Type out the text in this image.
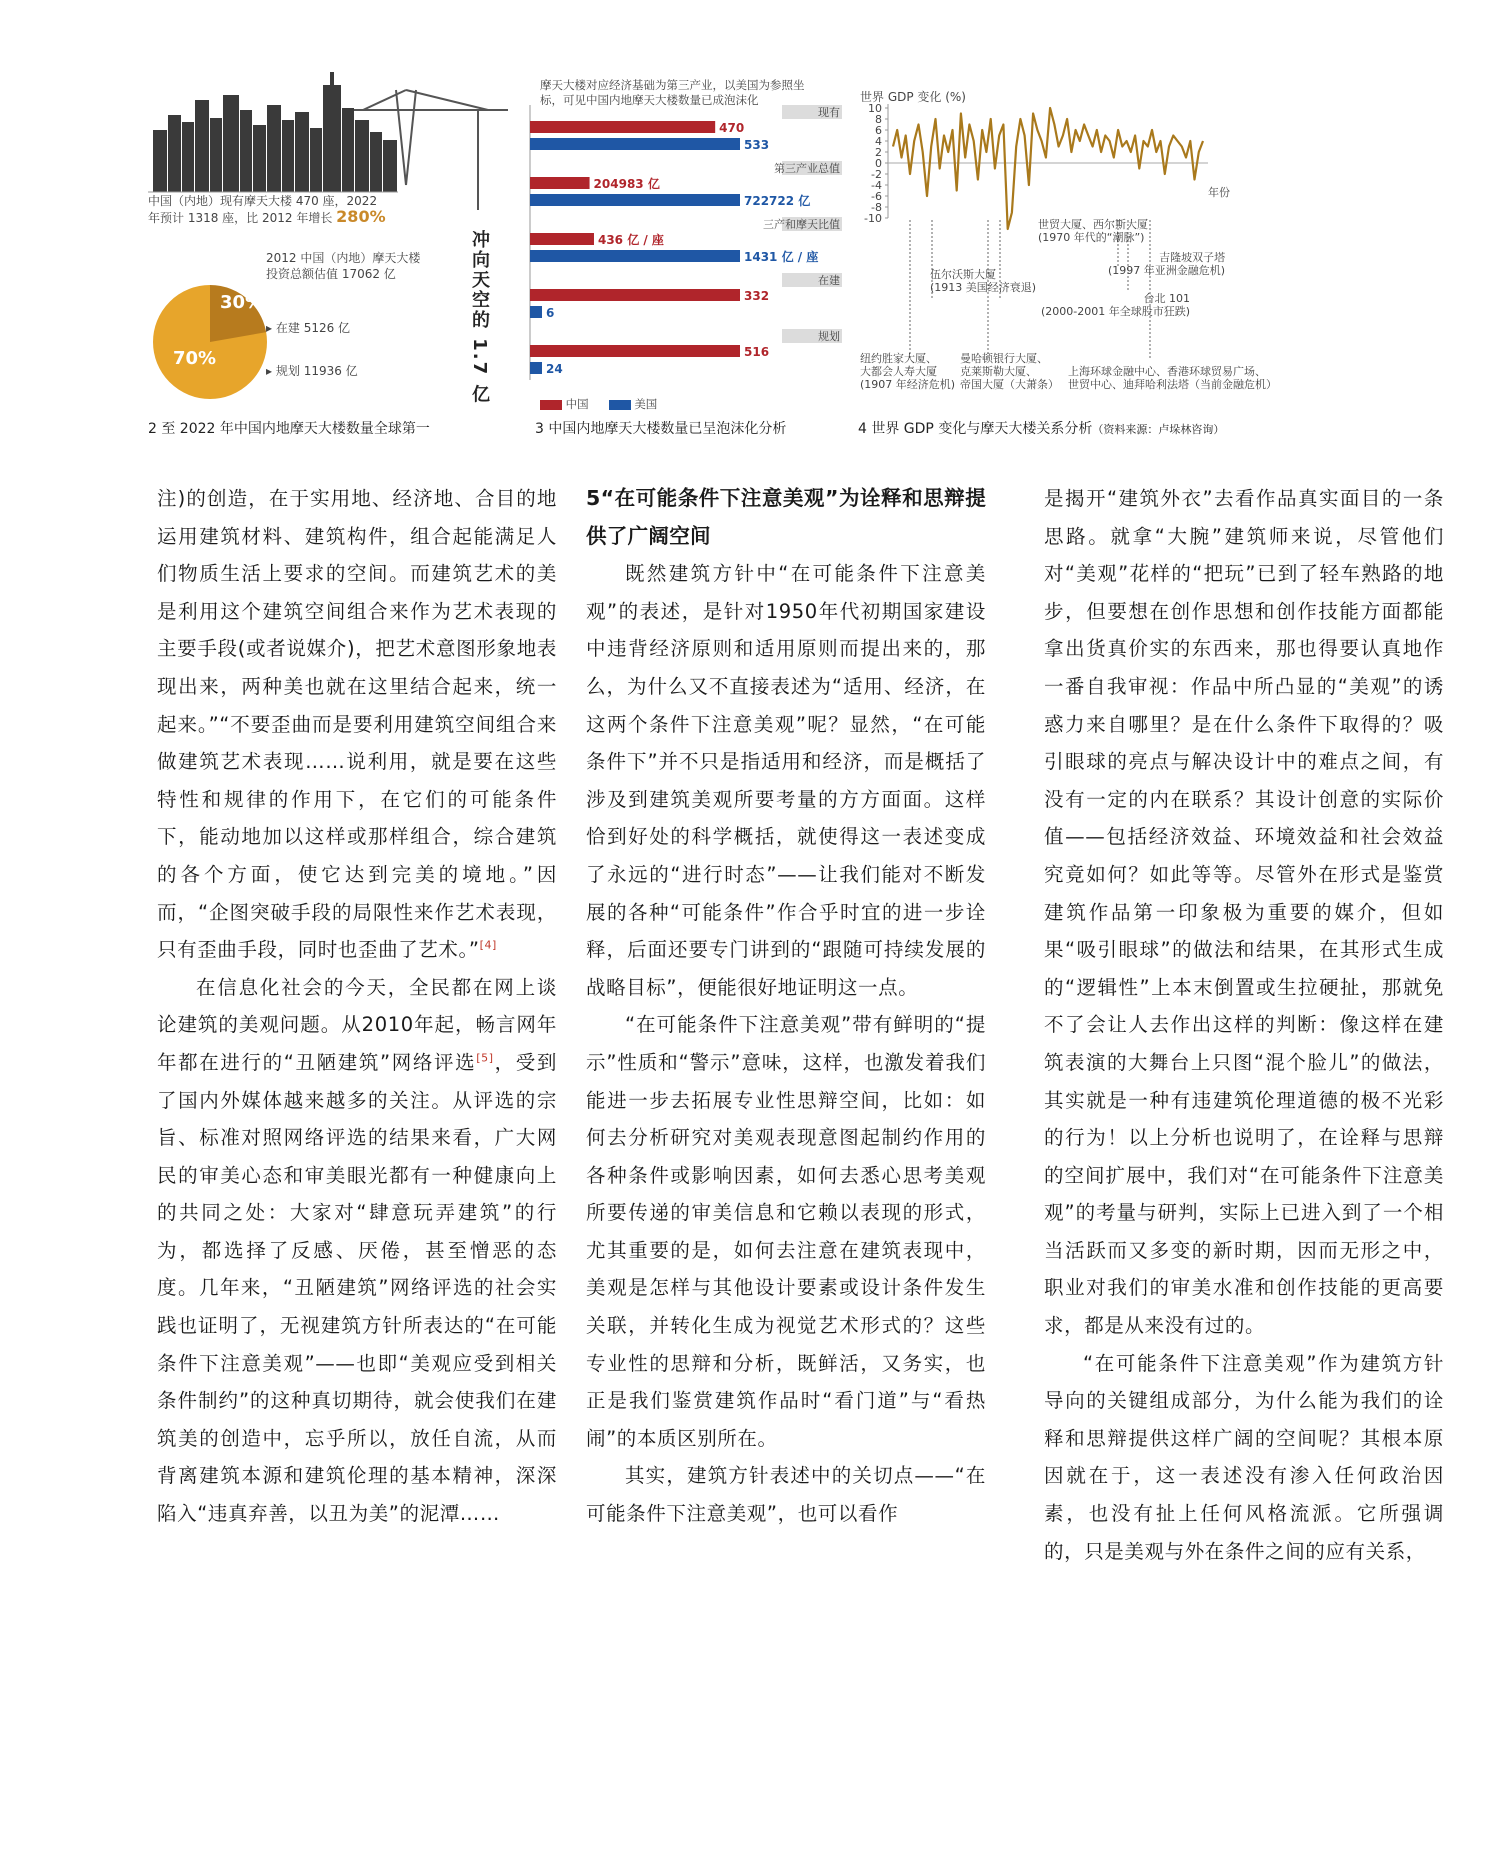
中国（内地）现有摩天大楼 470 座，2022
年预计 1318 座，比 2012 年增长 280%
2012 中国（内地）摩天大楼
投资总额估值 17062 亿	冲向天空的 1.7 亿
30%
70%
▸ 在建 5126 亿
▸ 规划 11936 亿
2 至 2022 年中国内地摩天大楼数量全球第一
摩天大楼对应经济基础为第三产业，以美国为参照坐
标，可见中国内地摩天大楼数量已成泡沫化
现有
470
533
第三产业总值
204983 亿
722722 亿
三产和摩天比值
436 亿 / 座
1431 亿 / 座
在建
332
6
规划
516
24
中国	美国
3 中国内地摩天大楼数量已呈泡沫化分析
10
8
6
4
2
0
-2
-4
-6
-8
-10
世界 GDP 变化 (%)
年份
世贸大厦、西尔斯大厦
(1970 年代的“潮脉”)
吉隆坡双子塔
(1997 年亚洲金融危机)
伍尔沃斯大厦
(1913 美国经济衰退)
台北 101
(2000-2001 年全球股市狂跌)
纽约胜家大厦、
大都会人寿大厦
(1907 年经济危机)
曼哈顿银行大厦、
克莱斯勒大厦、
帝国大厦（大萧条）
上海环球金融中心、香港环球贸易广场、
世贸中心、迪拜哈利法塔（当前金融危机）
4 世界 GDP 变化与摩天大楼关系分析（资料来源：卢垛林咨询）

注)的创造，在于实用地、经济地、合目的地运用建筑材料、建筑构件，组合起能满足人们物质生活上要求的空间。而建筑艺术的美是利用这个建筑空间组合来作为艺术表现的主要手段(或者说媒介)，把艺术意图形象地表现出来，两种美也就在这里结合起来，统一起来。”“不要歪曲而是要利用建筑空间组合来做建筑艺术表现……说利用，就是要在这些特性和规律的作用下，在它们的可能条件下，能动地加以这样或那样组合，综合建筑的各个方面，使它达到完美的境地。”因而，“企图突破手段的局限性来作艺术表现，只有歪曲手段，同时也歪曲了艺术。”[4]

在信息化社会的今天，全民都在网上谈论建筑的美观问题。从2010年起，畅言网年年都在进行的“丑陋建筑”网络评选[5]，受到了国内外媒体越来越多的关注。从评选的宗旨、标准对照网络评选的结果来看，广大网民的审美心态和审美眼光都有一种健康向上的共同之处：大家对“肆意玩弄建筑”的行为，都选择了反感、厌倦，甚至憎恶的态度。几年来，“丑陋建筑”网络评选的社会实践也证明了，无视建筑方针所表达的“在可能条件下注意美观”——也即“美观应受到相关条件制约”的这种真切期待，就会使我们在建筑美的创造中，忘乎所以，放任自流，从而背离建筑本源和建筑伦理的基本精神，深深陷入“违真弃善，以丑为美”的泥潭……

5“在可能条件下注意美观”为诠释和思辩提供了广阔空间

既然建筑方针中“在可能条件下注意美观”的表述，是针对1950年代初期国家建设中违背经济原则和适用原则而提出来的，那么，为什么又不直接表述为“适用、经济，在这两个条件下注意美观”呢？显然，“在可能条件下”并不只是指适用和经济，而是概括了涉及到建筑美观所要考量的方方面面。这样恰到好处的科学概括，就使得这一表述变成了永远的“进行时态”——让我们能对不断发展的各种“可能条件”作合乎时宜的进一步诠释，后面还要专门讲到的“跟随可持续发展的战略目标”，便能很好地证明这一点。

“在可能条件下注意美观”带有鲜明的“提示”性质和“警示”意味，这样，也激发着我们能进一步去拓展专业性思辩空间，比如：如何去分析研究对美观表现意图起制约作用的各种条件或影响因素，如何去悉心思考美观所要传递的审美信息和它赖以表现的形式，尤其重要的是，如何去注意在建筑表现中，美观是怎样与其他设计要素或设计条件发生关联，并转化生成为视觉艺术形式的？这些专业性的思辩和分析，既鲜活，又务实，也正是我们鉴赏建筑作品时“看门道”与“看热闹”的本质区别所在。

其实，建筑方针表述中的关切点——“在可能条件下注意美观”，也可以看作

是揭开“建筑外衣”去看作品真实面目的一条思路。就拿“大腕”建筑师来说，尽管他们对“美观”花样的“把玩”已到了轻车熟路的地步，但要想在创作思想和创作技能方面都能拿出货真价实的东西来，那也得要认真地作一番自我审视：作品中所凸显的“美观”的诱惑力来自哪里？是在什么条件下取得的？吸引眼球的亮点与解决设计中的难点之间，有没有一定的内在联系？其设计创意的实际价值——包括经济效益、环境效益和社会效益究竟如何？如此等等。尽管外在形式是鉴赏建筑作品第一印象极为重要的媒介，但如果“吸引眼球”的做法和结果，在其形式生成的“逻辑性”上本末倒置或生拉硬扯，那就免不了会让人去作出这样的判断：像这样在建筑表演的大舞台上只图“混个脸儿”的做法，其实就是一种有违建筑伦理道德的极不光彩的行为！以上分析也说明了，在诠释与思辩的空间扩展中，我们对“在可能条件下注意美观”的考量与研判，实际上已进入到了一个相当活跃而又多变的新时期，因而无形之中，职业对我们的审美水准和创作技能的更高要求，都是从来没有过的。

“在可能条件下注意美观”作为建筑方针导向的关键组成部分，为什么能为我们的诠释和思辩提供这样广阔的空间呢？其根本原因就在于，这一表述没有渗入任何政治因素，也没有扯上任何风格流派。它所强调的，只是美观与外在条件之间的应有关系，
